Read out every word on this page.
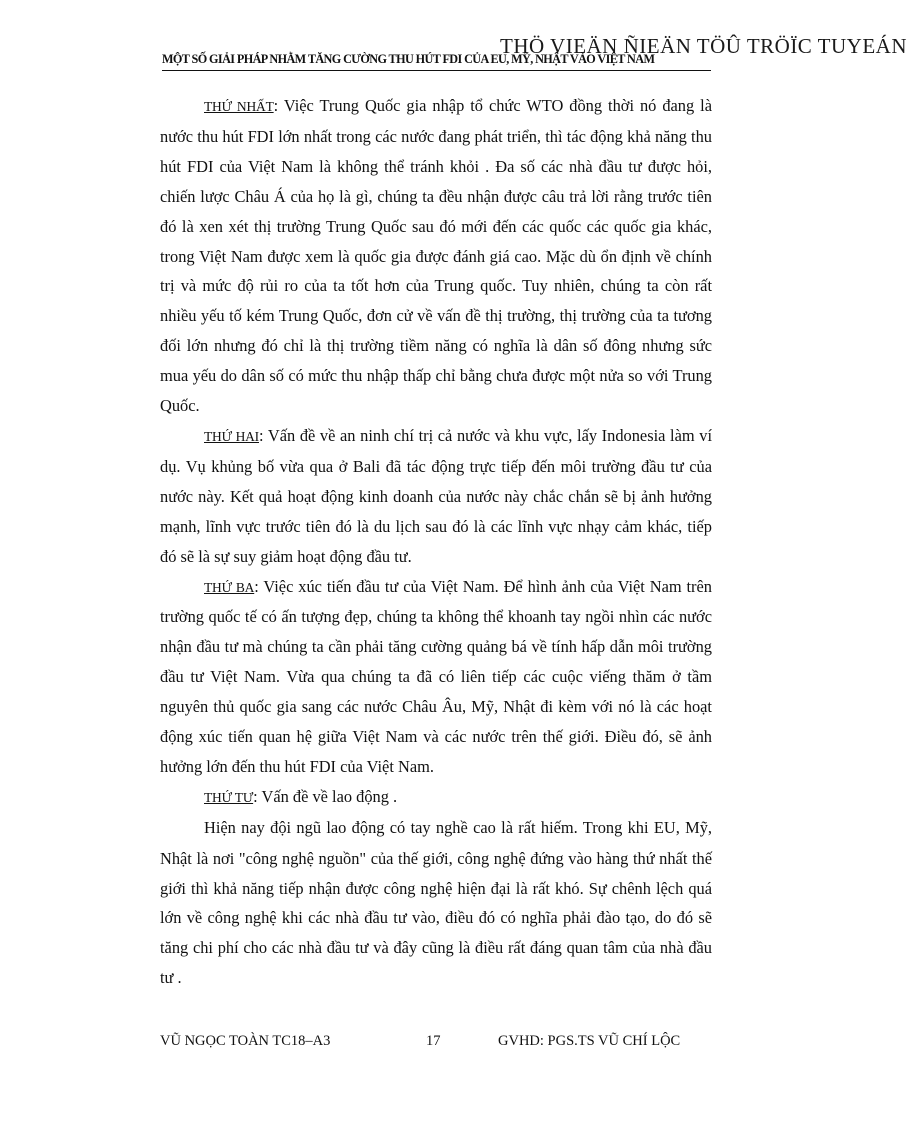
THÖ VIEÄN ÑIEÄN TÖÛ TRÖÏC TUYEÁN
MỘT SỐ GIẢI PHÁP NHẰM TĂNG CƯỜNG THU HÚT FDI CỦA EU, MỸ, NHẬT VÀO VIỆT NAM

THỨ NHẤT: Việc Trung Quốc gia nhập tổ chức WTO đồng thời nó đang là nước thu hút FDI lớn nhất trong các nước đang phát triển, thì tác động khả năng thu hút FDI của Việt Nam là không thể tránh khỏi . Đa số các nhà đầu tư được hỏi, chiến lược Châu Á của họ là gì, chúng ta đều nhận được câu trả lời rằng trước tiên đó là xen xét thị trường Trung Quốc sau đó mới đến các quốc các quốc gia khác, trong Việt Nam được xem là quốc gia được đánh giá cao. Mặc dù ổn định về chính trị và mức độ rủi ro của ta tốt hơn của Trung quốc. Tuy nhiên, chúng ta còn rất nhiều yếu tố kém Trung Quốc, đơn cử về vấn đề thị trường, thị trường của ta tương đối lớn nhưng đó chỉ là thị trường tiềm năng có nghĩa là dân số đông nhưng sức mua yếu do dân số có mức thu nhập thấp chỉ bằng chưa được một nửa so với Trung Quốc.

THỨ HAI: Vấn đề về an ninh chí trị cả nước và khu vực, lấy Indonesia làm ví dụ. Vụ khủng bố vừa qua ở Bali đã tác động trực tiếp đến môi trường đầu tư của nước này. Kết quả hoạt động kinh doanh của nước này chắc chắn sẽ bị ảnh hưởng mạnh, lĩnh vực trước tiên đó là du lịch sau đó là các lĩnh vực nhạy cảm khác, tiếp đó sẽ là sự suy giảm hoạt động đầu tư.

THỨ BA: Việc xúc tiến đầu tư của Việt Nam. Để hình ảnh của Việt Nam trên trường quốc tế có ấn tượng đẹp, chúng ta không thể khoanh tay ngồi nhìn các nước nhận đầu tư mà chúng ta cần phải tăng cường quảng bá về tính hấp dẫn môi trường đầu tư Việt Nam. Vừa qua chúng ta đã có liên tiếp các cuộc viếng thăm ở tầm nguyên thủ quốc gia sang các nước Châu Âu, Mỹ, Nhật đi kèm với nó là các hoạt động xúc tiến quan hệ giữa Việt Nam và các nước trên thế giới. Điều đó, sẽ ảnh hưởng lớn đến thu hút FDI của Việt Nam.

THỨ TƯ: Vấn đề về lao động .

Hiện nay đội ngũ lao động có tay nghề cao là rất hiếm. Trong khi EU, Mỹ, Nhật là nơi "công nghệ nguồn" của thế giới, công nghệ đứng vào hàng thứ nhất thế giới thì khả năng tiếp nhận được công nghệ hiện đại là rất khó. Sự chênh lệch quá lớn về công nghệ khi các nhà đầu tư vào, điều đó có nghĩa phải đào tạo, do đó sẽ tăng chi phí cho các nhà đầu tư và đây cũng là điều rất đáng quan tâm của nhà đầu tư .

VŨ NGỌC TOÀN TC18–A3	17	GVHD: PGS.TS VŨ CHÍ LỘC
